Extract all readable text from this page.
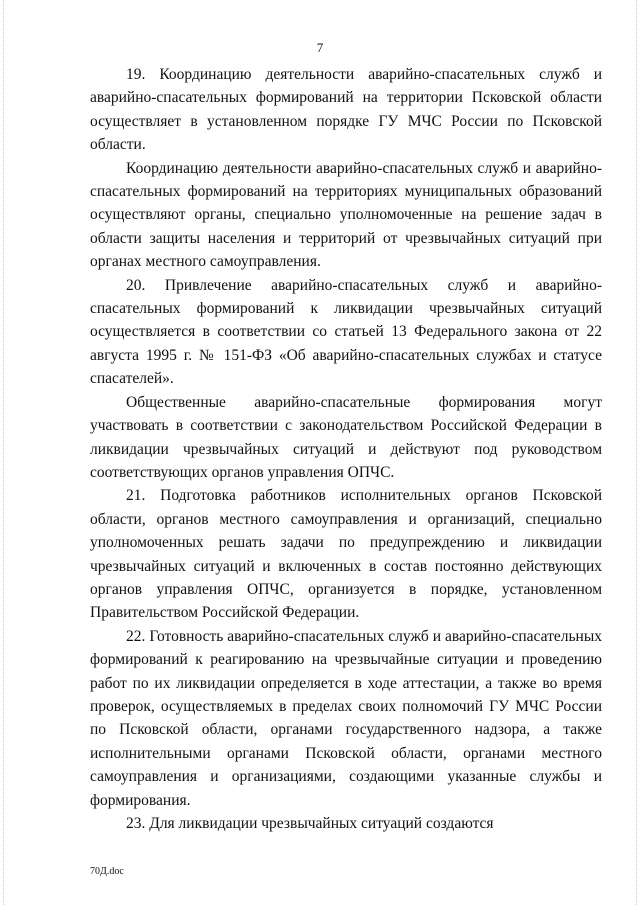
7

19. Координацию деятельности аварийно-спасательных служб и аварийно-спасательных формирований на территории Псковской области осуществляет в установленном порядке ГУ МЧС России по Псковской области.

Координацию деятельности аварийно-спасательных служб и аварийно-спасательных формирований на территориях муниципальных образований осуществляют органы, специально уполномоченные на решение задач в области защиты населения и территорий от чрезвычайных ситуаций при органах местного самоуправления.

20. Привлечение аварийно-спасательных служб и аварийно-спасательных формирований к ликвидации чрезвычайных ситуаций осуществляется в соответствии со статьей 13 Федерального закона от 22 августа 1995 г. № 151-ФЗ «Об аварийно-спасательных службах и статусе спасателей».

Общественные аварийно-спасательные формирования могут участвовать в соответствии с законодательством Российской Федерации в ликвидации чрезвычайных ситуаций и действуют под руководством соответствующих органов управления ОПЧС.

21. Подготовка работников исполнительных органов Псковской области, органов местного самоуправления и организаций, специально уполномоченных решать задачи по предупреждению и ликвидации чрезвычайных ситуаций и включенных в состав постоянно действующих органов управления ОПЧС, организуется в порядке, установленном Правительством Российской Федерации.

22. Готовность аварийно-спасательных служб и аварийно-спасательных формирований к реагированию на чрезвычайные ситуации и проведению работ по их ликвидации определяется в ходе аттестации, а также во время проверок, осуществляемых в пределах своих полномочий ГУ МЧС России по Псковской области, органами государственного надзора, а также исполнительными органами Псковской области, органами местного самоуправления и организациями, создающими указанные службы и формирования.

23. Для ликвидации чрезвычайных ситуаций создаются

70Д.doc
